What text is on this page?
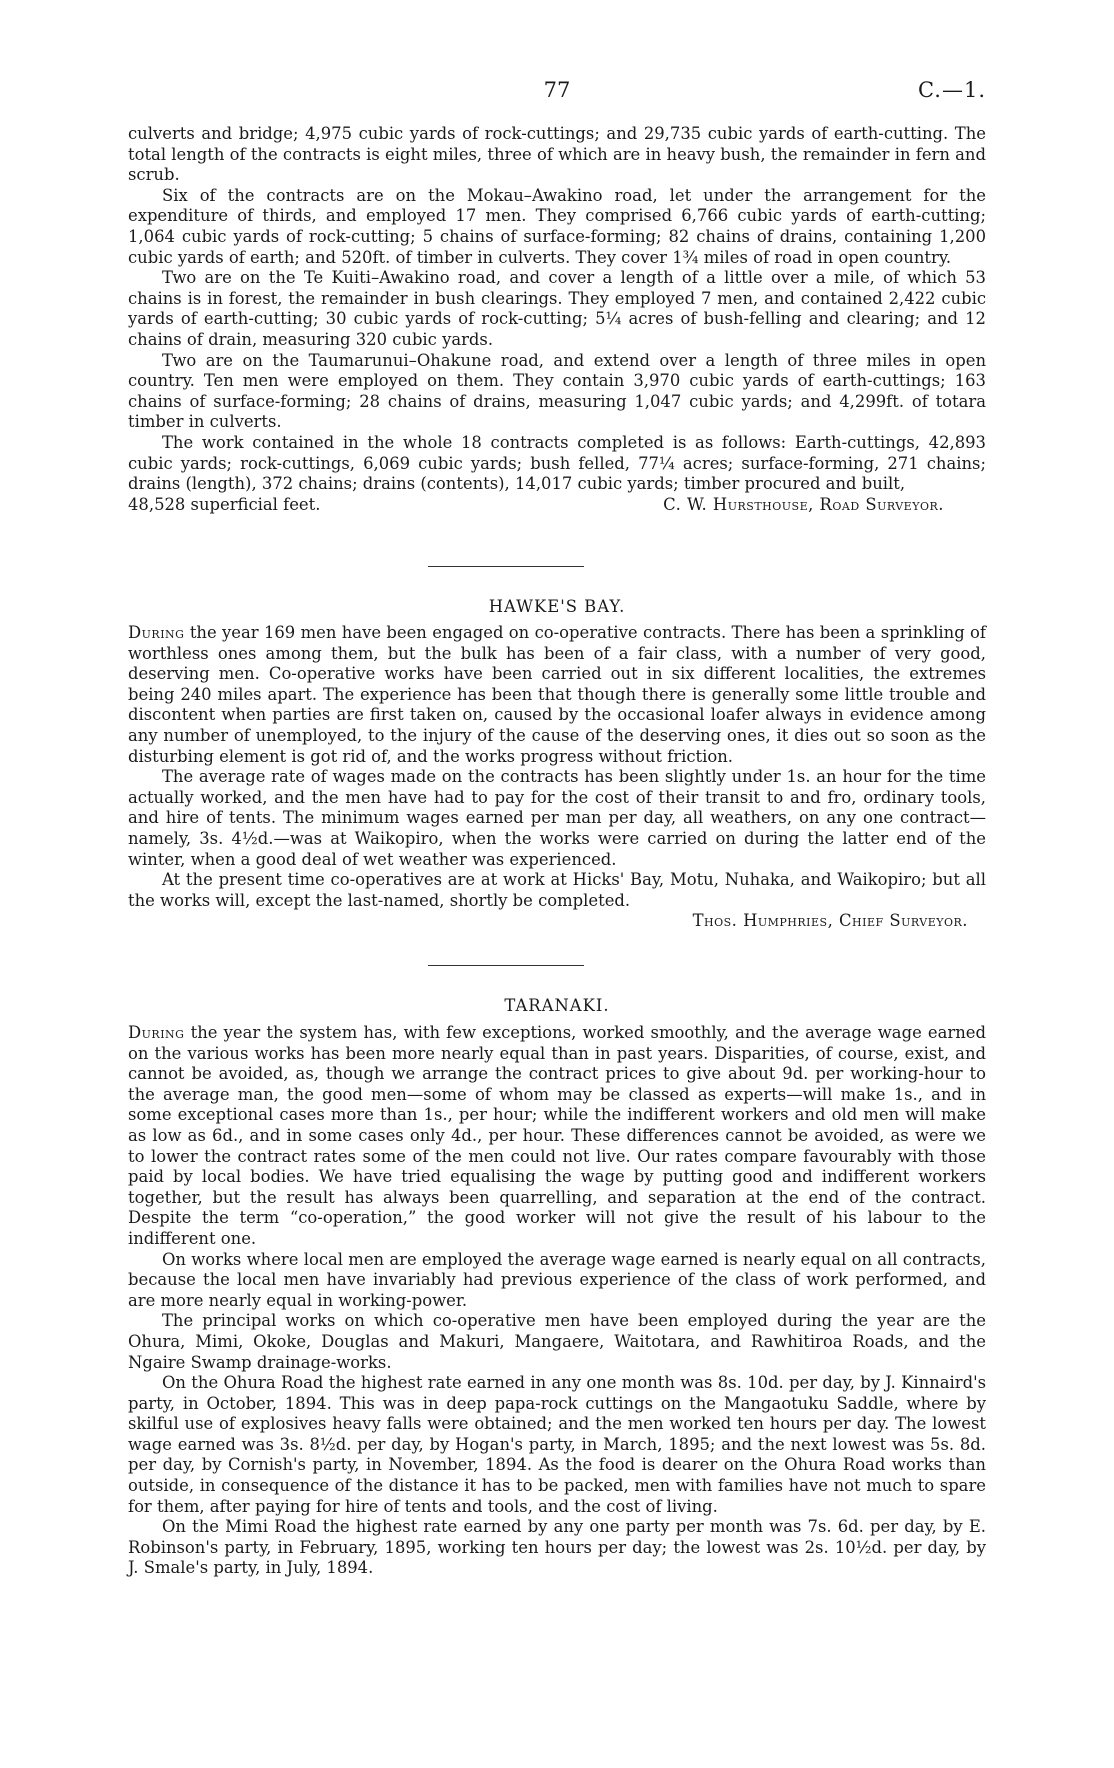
77	C.—1.

culverts and bridge; 4,975 cubic yards of rock-cuttings; and 29,735 cubic yards of earth-cutting. The total length of the contracts is eight miles, three of which are in heavy bush, the remainder in fern and scrub.

Six of the contracts are on the Mokau–Awakino road, let under the arrangement for the expenditure of thirds, and employed 17 men. They comprised 6,766 cubic yards of earth-cutting; 1,064 cubic yards of rock-cutting; 5 chains of surface-forming; 82 chains of drains, containing 1,200 cubic yards of earth; and 520ft. of timber in culverts. They cover 1¾ miles of road in open country.

Two are on the Te Kuiti–Awakino road, and cover a length of a little over a mile, of which 53 chains is in forest, the remainder in bush clearings. They employed 7 men, and contained 2,422 cubic yards of earth-cutting; 30 cubic yards of rock-cutting; 5¼ acres of bush-felling and clearing; and 12 chains of drain, measuring 320 cubic yards.

Two are on the Taumarunui–Ohakune road, and extend over a length of three miles in open country. Ten men were employed on them. They contain 3,970 cubic yards of earth-cuttings; 163 chains of surface-forming; 28 chains of drains, measuring 1,047 cubic yards; and 4,299ft. of totara timber in culverts.

The work contained in the whole 18 contracts completed is as follows: Earth-cuttings, 42,893 cubic yards; rock-cuttings, 6,069 cubic yards; bush felled, 77¼ acres; surface-forming, 271 chains; drains (length), 372 chains; drains (contents), 14,017 cubic yards; timber procured and built,

48,528 superficial feet.	C. W. Hursthouse, Road Surveyor.
HAWKE'S BAY.

During the year 169 men have been engaged on co-operative contracts. There has been a sprinkling of worthless ones among them, but the bulk has been of a fair class, with a number of very good, deserving men. Co-operative works have been carried out in six different localities, the extremes being 240 miles apart. The experience has been that though there is generally some little trouble and discontent when parties are first taken on, caused by the occasional loafer always in evidence among any number of unemployed, to the injury of the cause of the deserving ones, it dies out so soon as the disturbing element is got rid of, and the works progress without friction.

The average rate of wages made on the contracts has been slightly under 1s. an hour for the time actually worked, and the men have had to pay for the cost of their transit to and fro, ordinary tools, and hire of tents. The minimum wages earned per man per day, all weathers, on any one contract—namely, 3s. 4½d.—was at Waikopiro, when the works were carried on during the latter end of the winter, when a good deal of wet weather was experienced.

At the present time co-operatives are at work at Hicks' Bay, Motu, Nuhaka, and Waikopiro; but all the works will, except the last-named, shortly be completed.

Thos. Humphries, Chief Surveyor.

TARANAKI.

During the year the system has, with few exceptions, worked smoothly, and the average wage earned on the various works has been more nearly equal than in past years. Disparities, of course, exist, and cannot be avoided, as, though we arrange the contract prices to give about 9d. per working-hour to the average man, the good men—some of whom may be classed as experts—will make 1s., and in some exceptional cases more than 1s., per hour; while the indifferent workers and old men will make as low as 6d., and in some cases only 4d., per hour. These differences cannot be avoided, as were we to lower the contract rates some of the men could not live. Our rates compare favourably with those paid by local bodies. We have tried equalising the wage by putting good and indifferent workers together, but the result has always been quarrelling, and separation at the end of the contract. Despite the term “co-operation,” the good worker will not give the result of his labour to the indifferent one.

On works where local men are employed the average wage earned is nearly equal on all contracts, because the local men have invariably had previous experience of the class of work performed, and are more nearly equal in working-power.

The principal works on which co-operative men have been employed during the year are the Ohura, Mimi, Okoke, Douglas and Makuri, Mangaere, Waitotara, and Rawhitiroa Roads, and the Ngaire Swamp drainage-works.

On the Ohura Road the highest rate earned in any one month was 8s. 10d. per day, by J. Kinnaird's party, in October, 1894. This was in deep papa-rock cuttings on the Mangaotuku Saddle, where by skilful use of explosives heavy falls were obtained; and the men worked ten hours per day. The lowest wage earned was 3s. 8½d. per day, by Hogan's party, in March, 1895; and the next lowest was 5s. 8d. per day, by Cornish's party, in November, 1894. As the food is dearer on the Ohura Road works than outside, in consequence of the distance it has to be packed, men with families have not much to spare for them, after paying for hire of tents and tools, and the cost of living.

On the Mimi Road the highest rate earned by any one party per month was 7s. 6d. per day, by E. Robinson's party, in February, 1895, working ten hours per day; the lowest was 2s. 10½d. per day, by J. Smale's party, in July, 1894.
